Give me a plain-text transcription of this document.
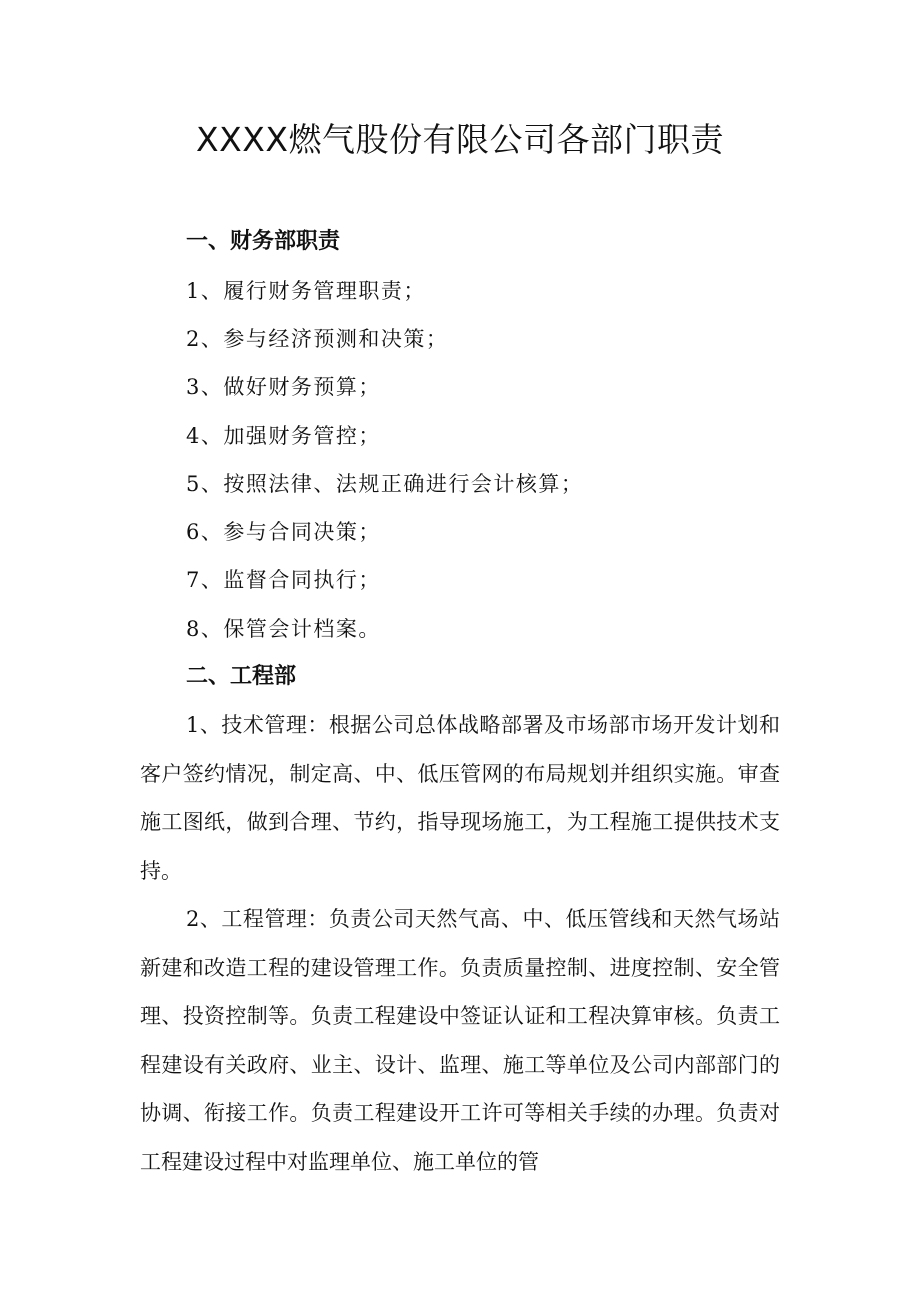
XXXX燃气股份有限公司各部门职责
一、财务部职责
1、履行财务管理职责；
2、参与经济预测和决策；
3、做好财务预算；
4、加强财务管控；
5、按照法律、法规正确进行会计核算；
6、参与合同决策；
7、监督合同执行；
8、保管会计档案。
二、工程部
1、技术管理：根据公司总体战略部署及市场部市场开发计划和客户签约情况，制定高、中、低压管网的布局规划并组织实施。审查施工图纸，做到合理、节约，指导现场施工，为工程施工提供技术支持。
2、工程管理：负责公司天然气高、中、低压管线和天然气场站新建和改造工程的建设管理工作。负责质量控制、进度控制、安全管理、投资控制等。负责工程建设中签证认证和工程决算审核。负责工程建设有关政府、业主、设计、监理、施工等单位及公司内部部门的协调、衔接工作。负责工程建设开工许可等相关手续的办理。负责对工程建设过程中对监理单位、施工单位的管
